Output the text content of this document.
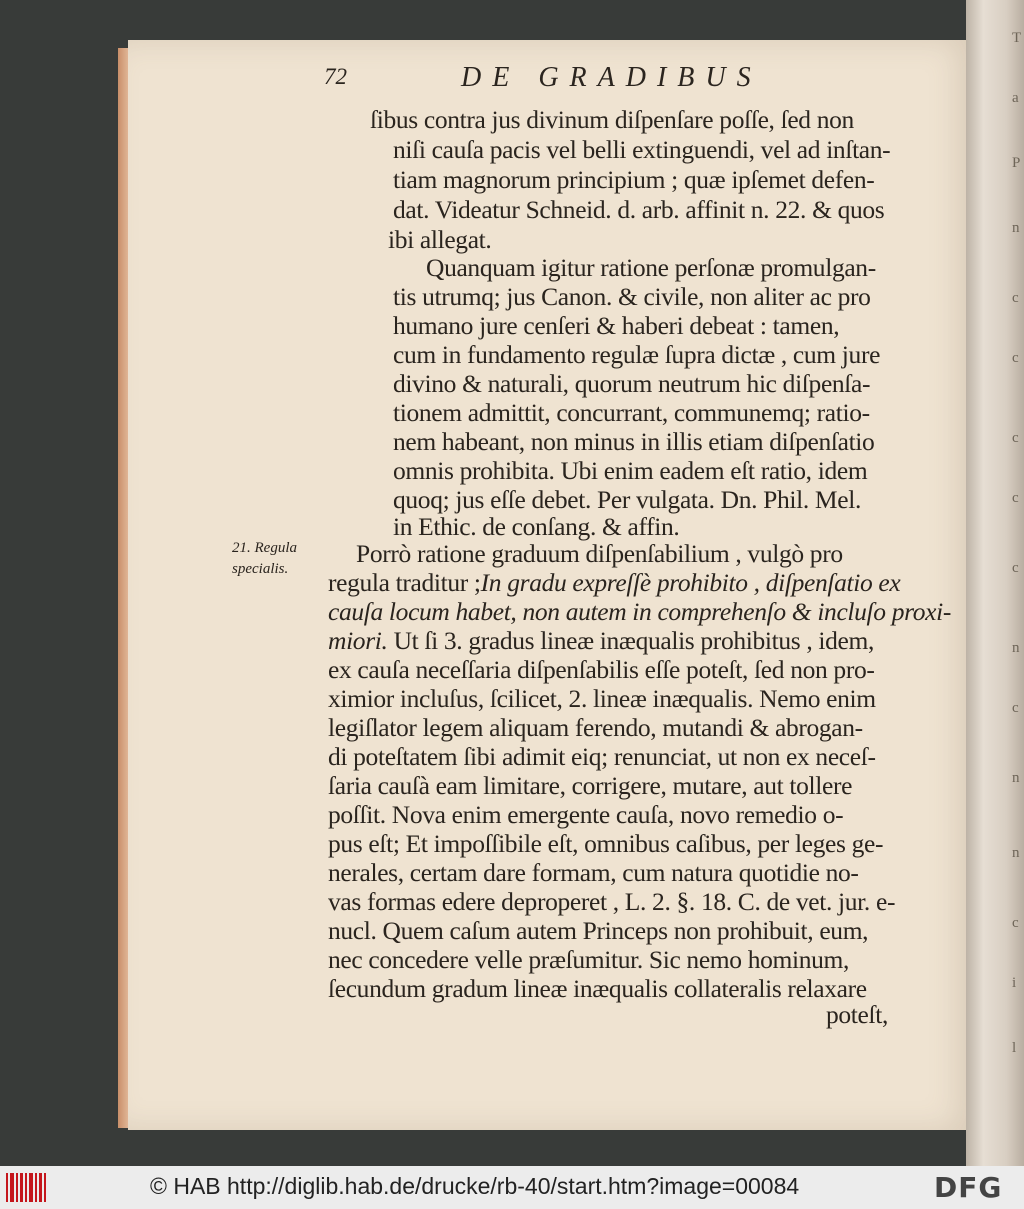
T
a
P
n
c
c
c
c
c
n
c
n
n
c
i
l
72	DE GRADIBUS
21. Regula
specialis.
ſibus contra jus divinum diſpenſare poſſe, ſed non
niſi cauſa pacis vel belli extinguendi, vel ad inſtan-
tiam magnorum principium ; quæ ipſemet defen-
dat. Videatur Schneid. d. arb. affinit n. 22. & quos
ibi allegat.
Quanquam igitur ratione perſonæ promulgan-
tis utrumq; jus Canon. & civile, non aliter ac pro
humano jure cenſeri & haberi debeat : tamen,
cum in fundamento regulæ ſupra dictæ , cum jure
divino & naturali, quorum neutrum hic diſpenſa-
tionem admittit, concurrant, communemq; ratio-
nem habeant, non minus in illis etiam diſpenſatio
omnis prohibita. Ubi enim eadem eſt ratio, idem
quoq; jus eſſe debet. Per vulgata. Dn. Phil. Mel.
in Ethic. de conſang. & affin.
Porrò ratione graduum diſpenſabilium , vulgò pro
regula traditur ;In gradu expreſſè prohibito , diſpenſatio ex
cauſa locum habet, non autem in comprehenſo & incluſo proxi-
miori. Ut ſi 3. gradus lineæ inæqualis prohibitus , idem,
ex cauſa neceſſaria diſpenſabilis eſſe poteſt, ſed non pro-
ximior incluſus, ſcilicet, 2. lineæ inæqualis. Nemo enim
legiſlator legem aliquam ferendo, mutandi & abrogan-
di poteſtatem ſibi adimit eiq; renunciat, ut non ex neceſ-
ſaria cauſà eam limitare, corrigere, mutare, aut tollere
poſſit. Nova enim emergente cauſa, novo remedio o-
pus eſt; Et impoſſibile eſt, omnibus caſibus, per leges ge-
nerales, certam dare formam, cum natura quotidie no-
vas formas edere deproperet , L. 2. §. 18. C. de vet. jur. e-
nucl. Quem caſum autem Princeps non prohibuit, eum,
nec concedere velle præſumitur. Sic nemo hominum,
ſecundum gradum lineæ inæqualis collateralis relaxare
poteſt,
© HAB http://diglib.hab.de/drucke/rb-40/start.htm?image=00084	DFG
